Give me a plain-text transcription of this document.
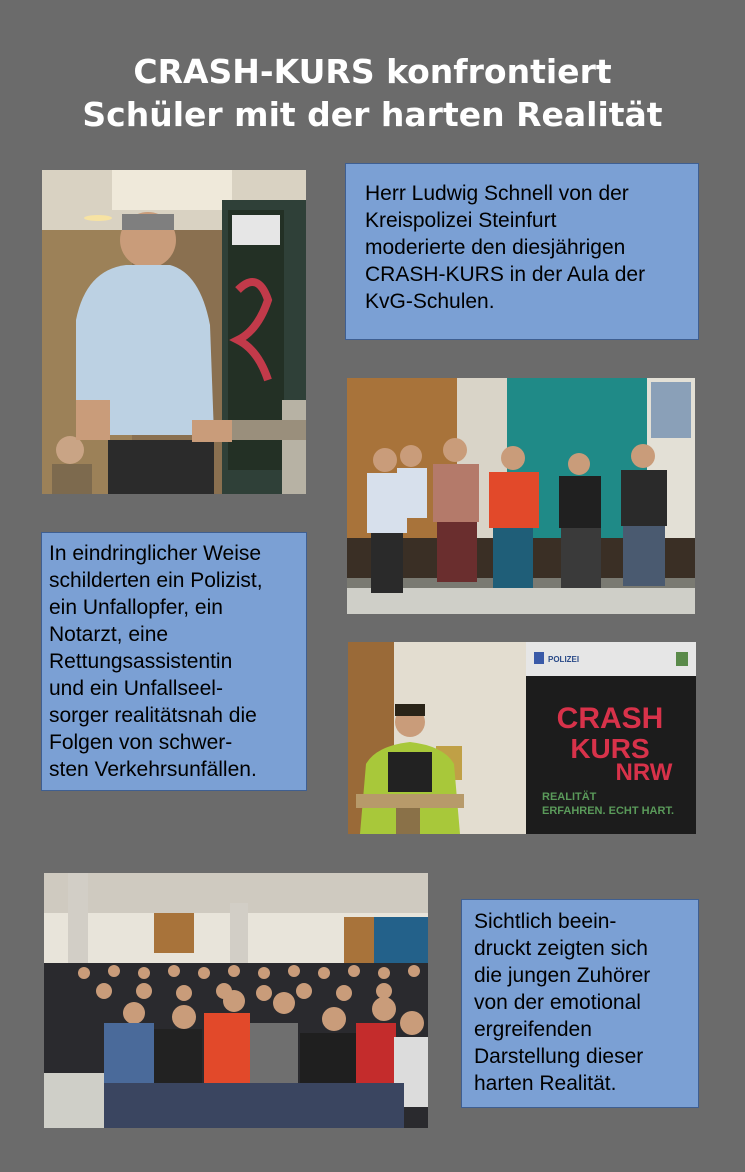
CRASH-KURS konfrontiert
Schüler mit der harten Realität
Herr Ludwig Schnell von der
Kreispolizei Steinfurt
moderierte den diesjährigen
CRASH-KURS in der Aula der
KvG-Schulen.
In eindringlicher Weise
schilderten ein Polizist,
ein Unfallopfer, ein
Notarzt, eine
Rettungsassistentin
und ein Unfallseel-
sorger realitätsnah die
Folgen von schwer-
sten Verkehrsunfällen.
POLIZEI
CRASH
KURS
NRW
REALITÄT
ERFAHREN. ECHT HART.
Sichtlich beein-
druckt zeigten sich
die jungen Zuhörer
von der emotional
ergreifenden
Darstellung dieser
harten Realität.
